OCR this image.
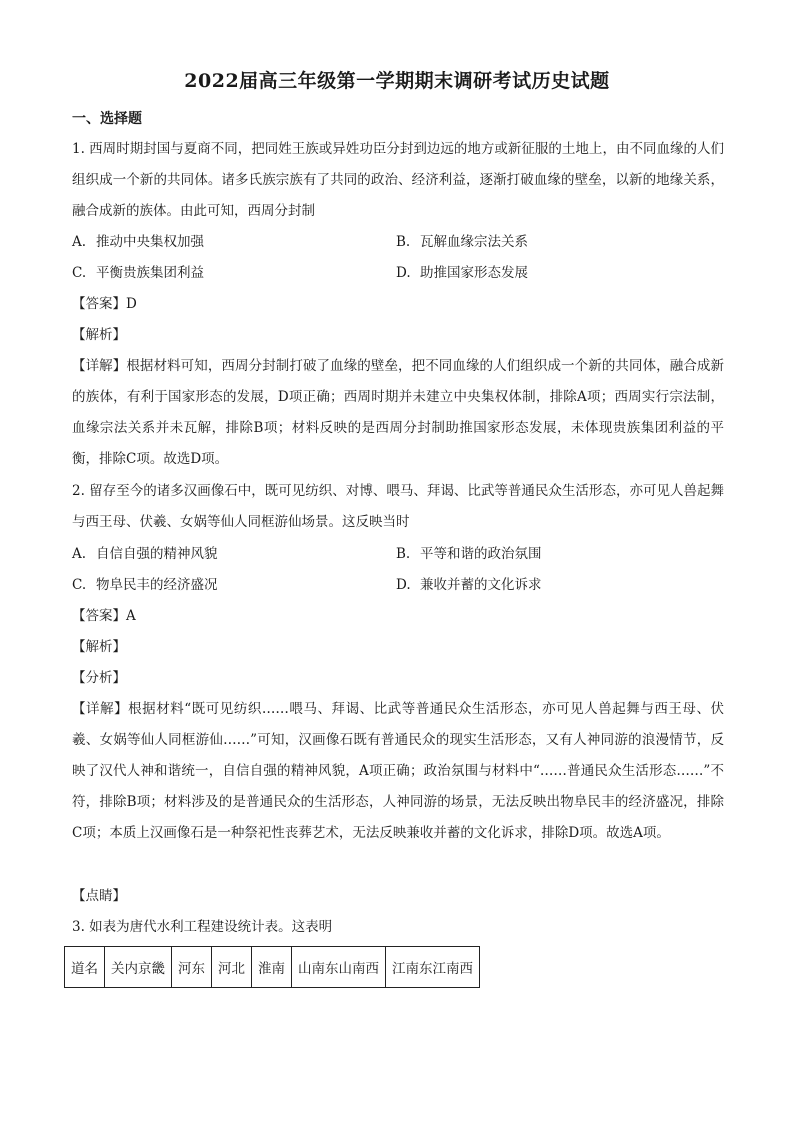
2022届高三年级第一学期期末调研考试历史试题
一、选择题

1. 西周时期封国与夏商不同，把同姓王族或异姓功臣分封到边远的地方或新征服的土地上，由不同血缘的人们组织成一个新的共同体。诸多氏族宗族有了共同的政治、经济利益，逐渐打破血缘的壁垒，以新的地缘关系，融合成新的族体。由此可知，西周分封制

A. 推动中央集权加强	B. 瓦解血缘宗法关系
C. 平衡贵族集团利益	D. 助推国家形态发展
【答案】D
【解析】

【详解】根据材料可知，西周分封制打破了血缘的壁垒，把不同血缘的人们组织成一个新的共同体，融合成新的族体，有利于国家形态的发展，D项正确；西周时期并未建立中央集权体制，排除A项；西周实行宗法制，血缘宗法关系并未瓦解，排除B项；材料反映的是西周分封制助推国家形态发展，未体现贵族集团利益的平衡，排除C项。故选D项。

2. 留存至今的诸多汉画像石中，既可见纺织、对博、喂马、拜谒、比武等普通民众生活形态，亦可见人兽起舞与西王母、伏羲、女娲等仙人同框游仙场景。这反映当时

A. 自信自强的精神风貌	B. 平等和谐的政治氛围
C. 物阜民丰的经济盛况	D. 兼收并蓄的文化诉求
【答案】A
【解析】
【分析】

【详解】根据材料“既可见纺织……喂马、拜谒、比武等普通民众生活形态，亦可见人兽起舞与西王母、伏羲、女娲等仙人同框游仙……”可知，汉画像石既有普通民众的现实生活形态，又有人神同游的浪漫情节，反映了汉代人神和谐统一，自信自强的精神风貌，A项正确；政治氛围与材料中“……普通民众生活形态……”不符，排除B项；材料涉及的是普通民众的生活形态，人神同游的场景，无法反映出物阜民丰的经济盛况，排除C项；本质上汉画像石是一种祭祀性丧葬艺术，无法反映兼收并蓄的文化诉求，排除D项。故选A项。

【点睛】
3. 如表为唐代水利工程建设统计表。这表明
道名	关内京畿	河东	河北	淮南	山南东山南西	江南东江南西
